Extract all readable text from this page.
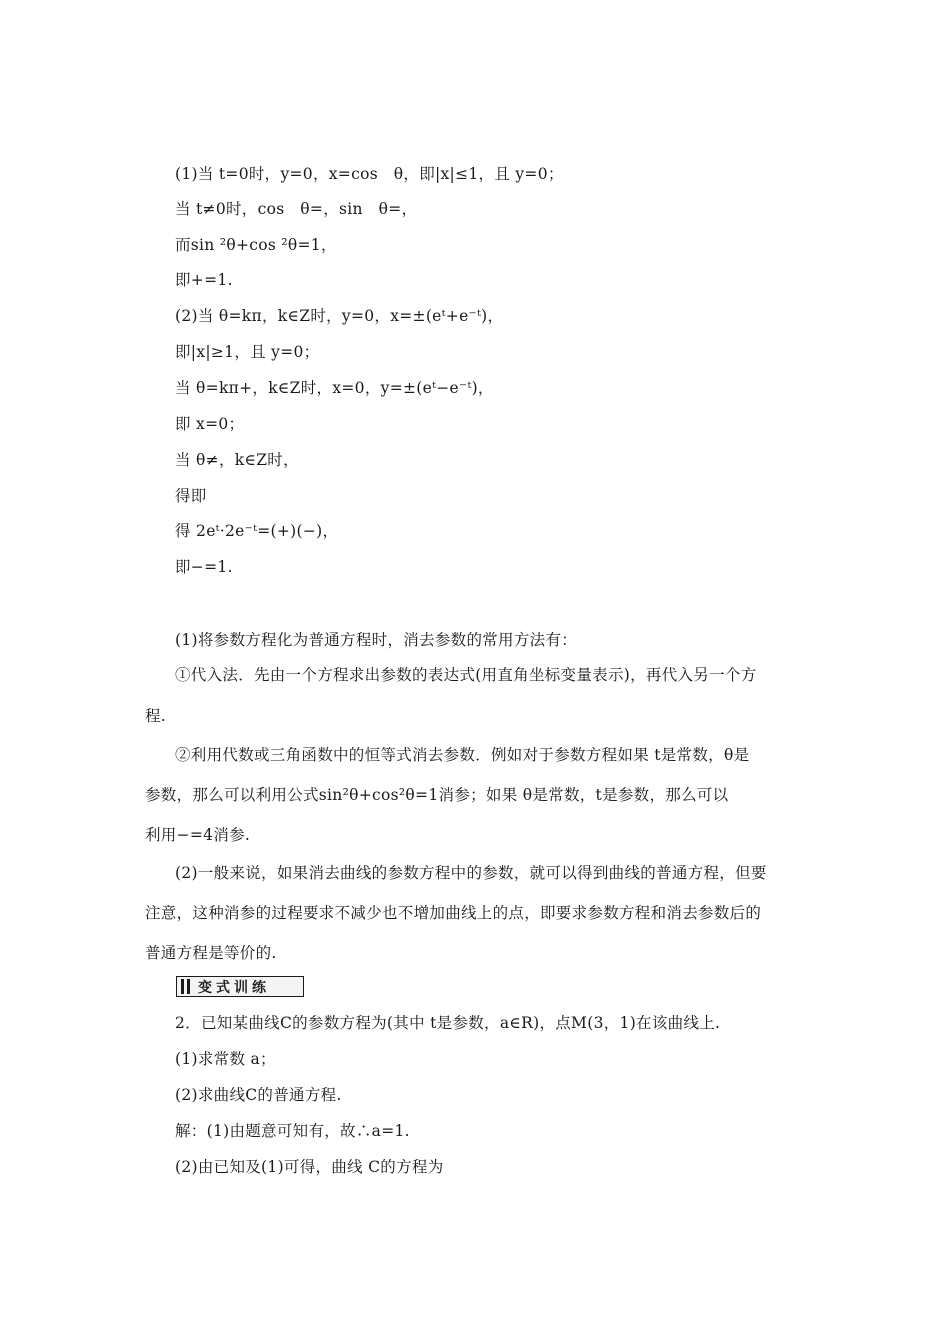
(1)当 t=0时，y=0，x=cos　θ，即|x|≤1，且 y=0；
当 t≠0时，cos　θ=，sin　θ=，
而sin ²θ+cos ²θ=1，
即+=1.
(2)当 θ=kπ，k∈Z时，y=0，x=±(eᵗ+e⁻ᵗ)，
即|x|≥1，且 y=0；
当 θ=kπ+，k∈Z时，x=0，y=±(eᵗ−e⁻ᵗ)，
即 x=0；
当 θ≠，k∈Z时，
得即
得 2eᵗ·2e⁻ᵗ=(+)(−)，
即−=1.
(1)将参数方程化为普通方程时，消去参数的常用方法有：
①代入法．先由一个方程求出参数的表达式(用直角坐标变量表示)，再代入另一个方
程.
②利用代数或三角函数中的恒等式消去参数．例如对于参数方程如果 t是常数，θ是
参数，那么可以利用公式sin²θ+cos²θ=1消参；如果 θ是常数，t是参数，那么可以
利用−=4消参.
(2)一般来说，如果消去曲线的参数方程中的参数，就可以得到曲线的普通方程，但要
注意，这种消参的过程要求不减少也不增加曲线上的点，即要求参数方程和消去参数后的
普通方程是等价的.
变式训练
2．已知某曲线C的参数方程为(其中 t是参数，a∈R)，点M(3，1)在该曲线上.
(1)求常数 a；
(2)求曲线C的普通方程.
解：(1)由题意可知有，故∴a=1.
(2)由已知及(1)可得，曲线 C的方程为
